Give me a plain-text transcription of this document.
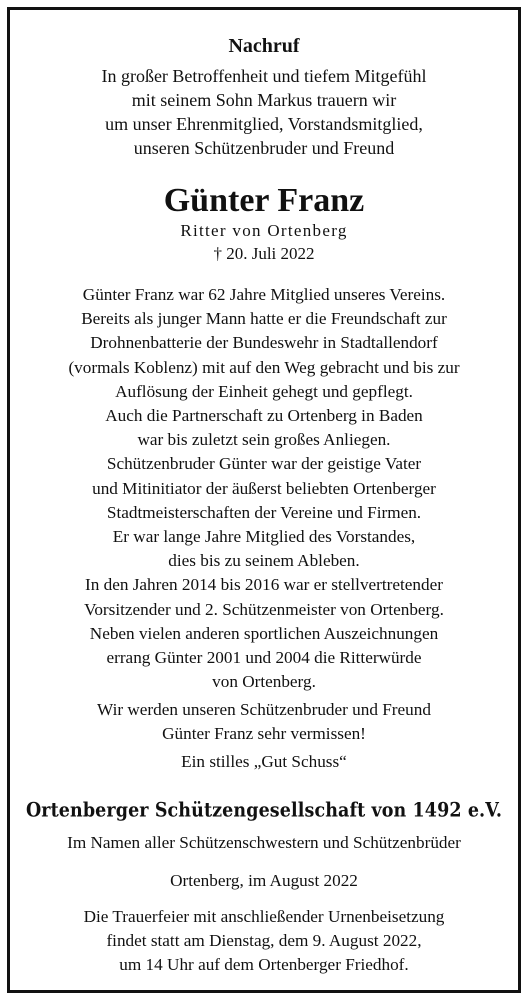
Nachruf
In großer Betroffenheit und tiefem Mitgefühl
mit seinem Sohn Markus trauern wir
um unser Ehrenmitglied, Vorstandsmitglied,
unseren Schützenbruder und Freund
Günter Franz
Ritter von Ortenberg
† 20. Juli 2022
Günter Franz war 62 Jahre Mitglied unseres Vereins.
Bereits als junger Mann hatte er die Freundschaft zur
Drohnenbatterie der Bundeswehr in Stadtallendorf
(vormals Koblenz) mit auf den Weg gebracht und bis zur
Auflösung der Einheit gehegt und gepflegt.
Auch die Partnerschaft zu Ortenberg in Baden
war bis zuletzt sein großes Anliegen.
Schützenbruder Günter war der geistige Vater
und Mitinitiator der äußerst beliebten Ortenberger
Stadtmeisterschaften der Vereine und Firmen.
Er war lange Jahre Mitglied des Vorstandes,
dies bis zu seinem Ableben.
In den Jahren 2014 bis 2016 war er stellvertretender
Vorsitzender und 2. Schützenmeister von Ortenberg.
Neben vielen anderen sportlichen Auszeichnungen
errang Günter 2001 und 2004 die Ritterwürde
von Ortenberg.
Wir werden unseren Schützenbruder und Freund
Günter Franz sehr vermissen!
Ein stilles „Gut Schuss“
Ortenberger Schützengesellschaft von 1492 e.V.
Im Namen aller Schützenschwestern und Schützenbrüder
Ortenberg, im August 2022
Die Trauerfeier mit anschließender Urnenbeisetzung
findet statt am Dienstag, dem 9. August 2022,
um 14 Uhr auf dem Ortenberger Friedhof.
